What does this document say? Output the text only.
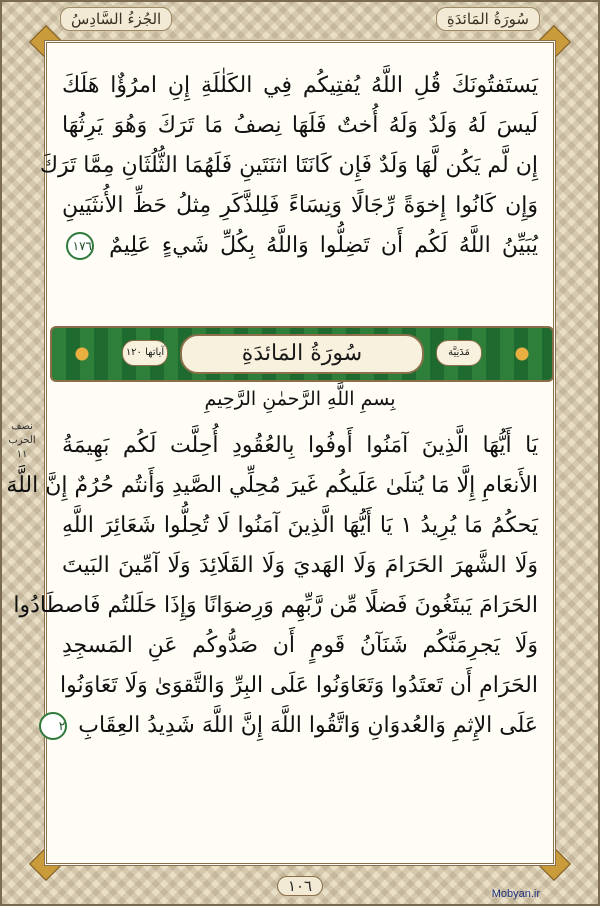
سُورَةُ المَائدَةِ
الجُزءُ السَّادِسُ
يَستَفتُونَكَ قُلِ اللَّهُ يُفتِيكُم فِي الكَلٰلَةِ إِنِ امرُؤٌا هَلَكَ
لَيسَ لَهُ وَلَدٌ وَلَهُ أُختٌ فَلَهَا نِصفُ مَا تَرَكَ وَهُوَ يَرِثُهَا
إِن لَّم يَكُن لَّهَا وَلَدٌ فَإِن كَانَتَا اثنَتَينِ فَلَهُمَا الثُّلُثَانِ مِمَّا تَرَكَ
وَإِن كَانُوا إِخوَةً رِّجَالًا وَنِسَاءً فَلِلذَّكَرِ مِثلُ حَظِّ الأُنثَيَينِ
يُبَيِّنُ اللَّهُ لَكُم أَن تَضِلُّوا وَاللَّهُ بِكُلِّ شَيءٍ عَلِيمٌ ١٧٦
مَدَنِيَّة
سُورَةُ المَائدَةِ
آياتها ١٢٠
بِسمِ اللَّهِ الرَّحمٰنِ الرَّحِيمِ
نصف الحزب ١١	يَا أَيُّهَا الَّذِينَ آمَنُوا أَوفُوا بِالعُقُودِ أُحِلَّت لَكُم بَهِيمَةُ
الأَنعَامِ إِلَّا مَا يُتلَىٰ عَلَيكُم غَيرَ مُحِلِّي الصَّيدِ وَأَنتُم حُرُمٌ إِنَّ اللَّهَ
يَحكُمُ مَا يُرِيدُ ١ يَا أَيُّهَا الَّذِينَ آمَنُوا لَا تُحِلُّوا شَعَائِرَ اللَّهِ
وَلَا الشَّهرَ الحَرَامَ وَلَا الهَديَ وَلَا القَلَائِدَ وَلَا آمِّينَ البَيتَ
الحَرَامَ يَبتَغُونَ فَضلًا مِّن رَّبِّهِم وَرِضوَانًا وَإِذَا حَلَلتُم فَاصطَادُوا
وَلَا يَجرِمَنَّكُم شَنَآنُ قَومٍ أَن صَدُّوكُم عَنِ المَسجِدِ
الحَرَامِ أَن تَعتَدُوا وَتَعَاوَنُوا عَلَى البِرِّ وَالتَّقوَىٰ وَلَا تَعَاوَنُوا
عَلَى الإِثمِ وَالعُدوَانِ وَاتَّقُوا اللَّهَ إِنَّ اللَّهَ شَدِيدُ العِقَابِ ٢
١٠٦	Mobyan.ir
